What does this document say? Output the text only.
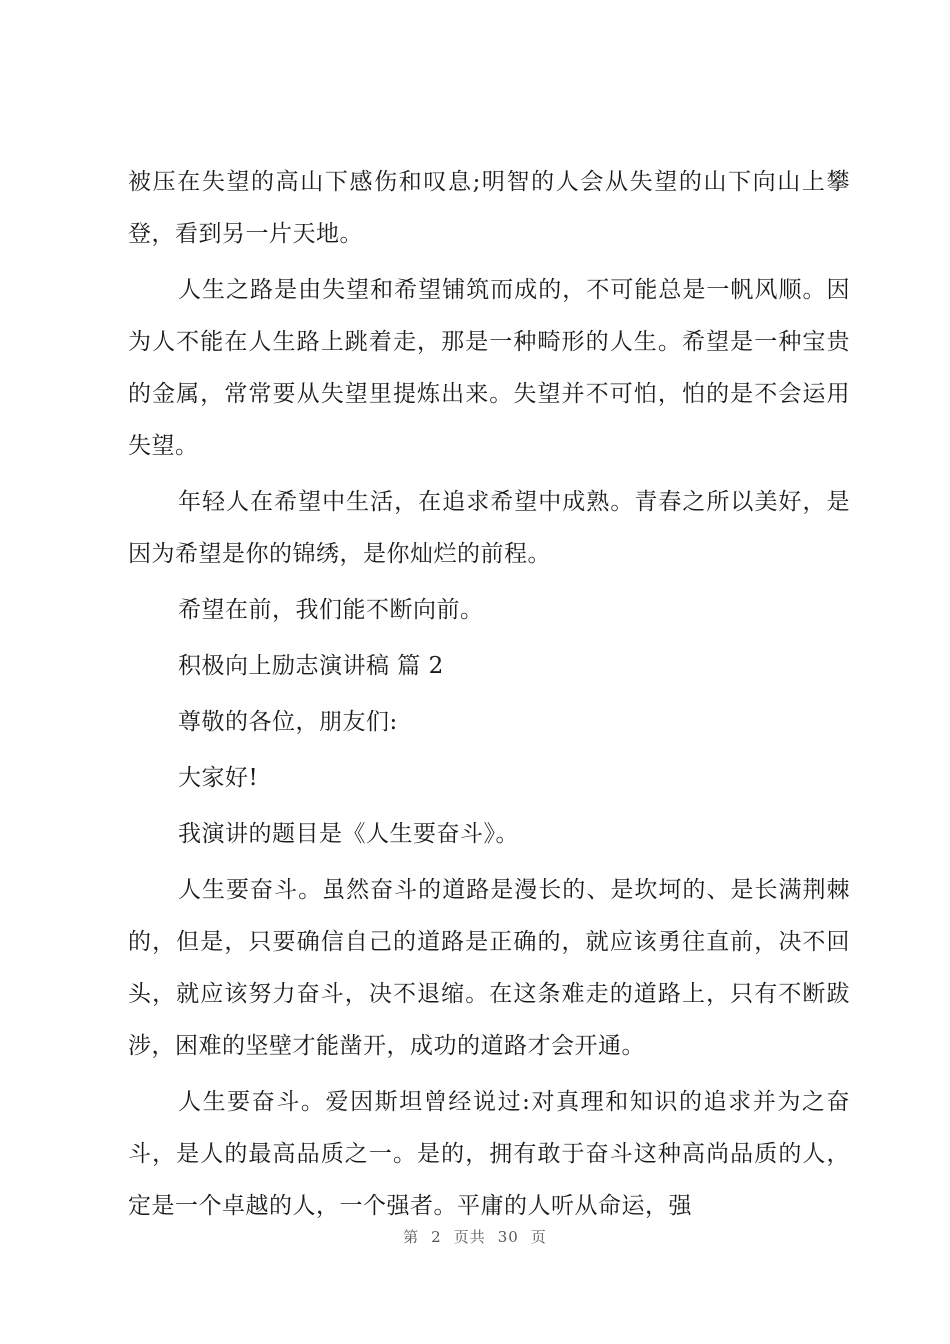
被压在失望的高山下感伤和叹息;明智的人会从失望的山下向山上攀登，看到另一片天地。

人生之路是由失望和希望铺筑而成的，不可能总是一帆风顺。因为人不能在人生路上跳着走，那是一种畸形的人生。希望是一种宝贵的金属，常常要从失望里提炼出来。失望并不可怕，怕的是不会运用失望。

年轻人在希望中生活，在追求希望中成熟。青春之所以美好，是因为希望是你的锦绣，是你灿烂的前程。

希望在前，我们能不断向前。

积极向上励志演讲稿 篇 2

尊敬的各位，朋友们:

大家好!

我演讲的题目是《人生要奋斗》。

人生要奋斗。虽然奋斗的道路是漫长的、是坎坷的、是长满荆棘的，但是，只要确信自己的道路是正确的，就应该勇往直前，决不回头，就应该努力奋斗，决不退缩。在这条难走的道路上，只有不断跋涉，困难的坚壁才能凿开，成功的道路才会开通。

人生要奋斗。爱因斯坦曾经说过:对真理和知识的追求并为之奋斗，是人的最高品质之一。是的，拥有敢于奋斗这种高尚品质的人，定是一个卓越的人，一个强者。平庸的人听从命运，强

第 2 页共 30 页
